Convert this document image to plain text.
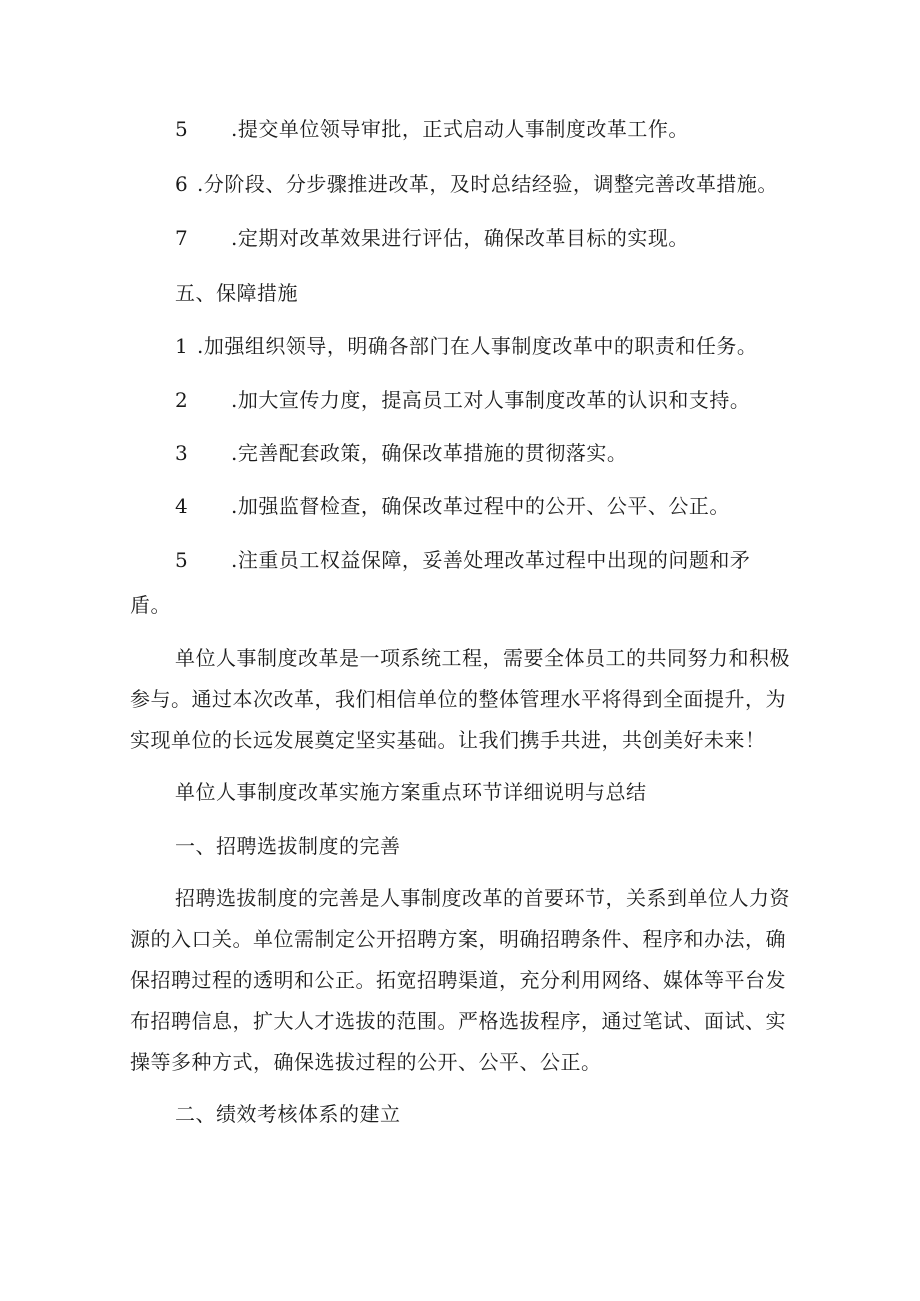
5 .提交单位领导审批，正式启动人事制度改革工作。
6 .分阶段、分步骤推进改革，及时总结经验，调整完善改革措施。
7 .定期对改革效果进行评估，确保改革目标的实现。
五、保障措施
1 .加强组织领导，明确各部门在人事制度改革中的职责和任务。
2 .加大宣传力度，提高员工对人事制度改革的认识和支持。
3 .完善配套政策，确保改革措施的贯彻落实。
4 .加强监督检查，确保改革过程中的公开、公平、公正。
5 .注重员工权益保障，妥善处理改革过程中出现的问题和矛
盾。
单位人事制度改革是一项系统工程，需要全体员工的共同努力和积极
参与。通过本次改革，我们相信单位的整体管理水平将得到全面提升，为
实现单位的长远发展奠定坚实基础。让我们携手共进，共创美好未来！
单位人事制度改革实施方案重点环节详细说明与总结
一、招聘选拔制度的完善
招聘选拔制度的完善是人事制度改革的首要环节，关系到单位人力资
源的入口关。单位需制定公开招聘方案，明确招聘条件、程序和办法，确
保招聘过程的透明和公正。拓宽招聘渠道，充分利用网络、媒体等平台发
布招聘信息，扩大人才选拔的范围。严格选拔程序，通过笔试、面试、实
操等多种方式，确保选拔过程的公开、公平、公正。
二、绩效考核体系的建立
